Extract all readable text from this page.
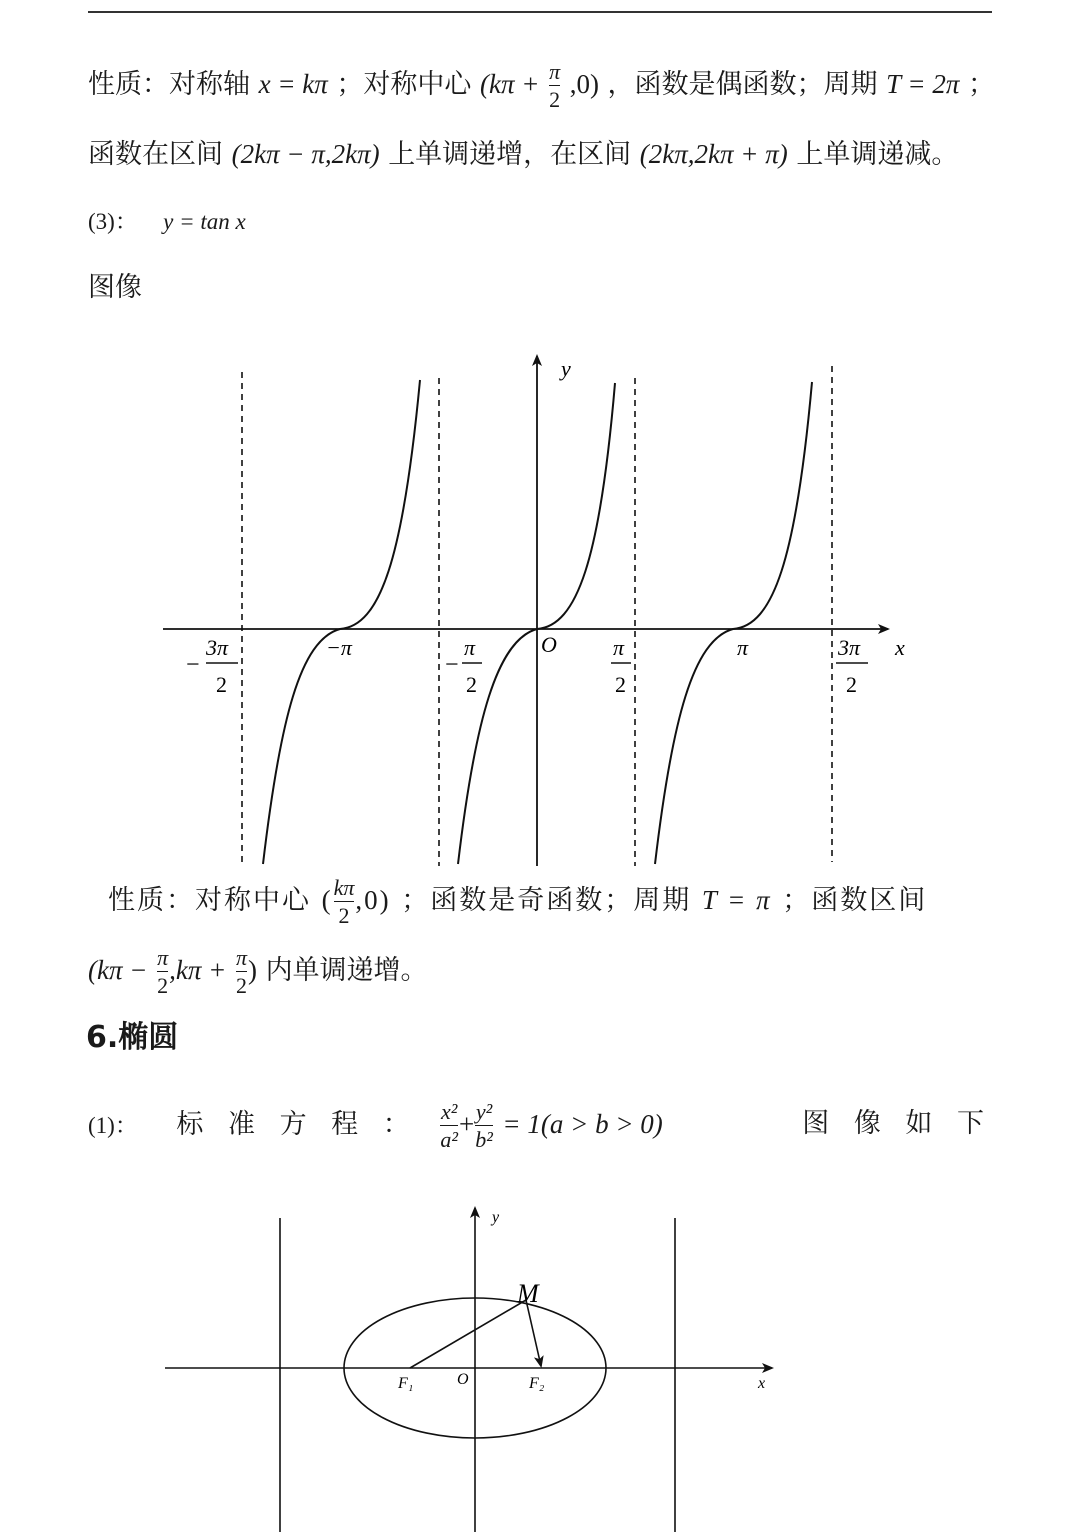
性质：对称轴 x = kπ ；对称中心 $(k\pi + \frac{\pi}{2} ,0)$ ，函数是偶函数；周期 T = 2π ；
函数在区间 (2kπ − π,2kπ) 上单调递增，在区间 (2kπ,2kπ + π) 上单调递减。
(3)： y = tan x
图像
y
x
O
−
3π
2
−π
−
π
2
π
2
π	3π
2
性质：对称中心 ( $\frac{k\pi}{2} ,0$) ；函数是奇函数；周期 T = π ；函数区间
($k\pi - \frac{\pi}{2} ,k\pi + \frac{\pi}{2}$ ) 内单调递增。
6.椭圆
(1)： 标 准 方 程 ： $\frac{\text{x²}}{\text{a²}} + \frac{\text{y²}}{\text{b²}} = 1(a > b > 0)$	图 像 如 下
y
x
O
M
F₁	F₂
